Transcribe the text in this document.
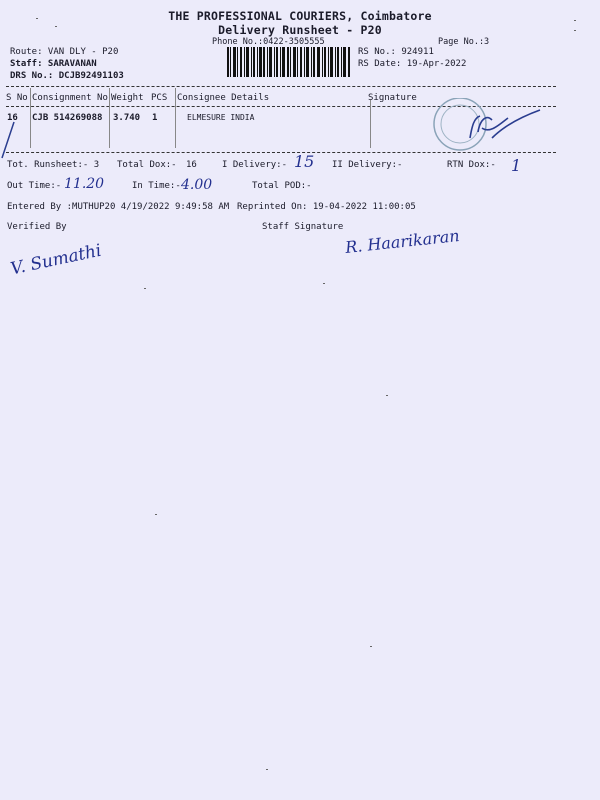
THE PROFESSIONAL COURIERS, Coimbatore
Delivery Runsheet - P20
Phone No.:0422-3505555	Page No.:3
Route: VAN DLY - P20
Staff: SARAVANAN
DRS No.: DCJB92491103
RS No.: 924911
RS Date: 19-Apr-2022
S No Consignment No Weight PCS Consignee Details	Signature
16 CJB 514269088 3.740 1	ELMESURE INDIA
Tot. Runsheet:- 3 Total Dox:- 16	I Delivery:- 15 II Delivery:-	RTN Dox:- 1
Out Time:- 11.20	In Time:- 4.00	Total POD:-
Entered By :MUTHUP20 4/19/2022 9:49:58 AM Reprinted On: 19-04-2022 11:00:05
Verified By	Staff Signature
V. Sumathi	R. Haarikaran
